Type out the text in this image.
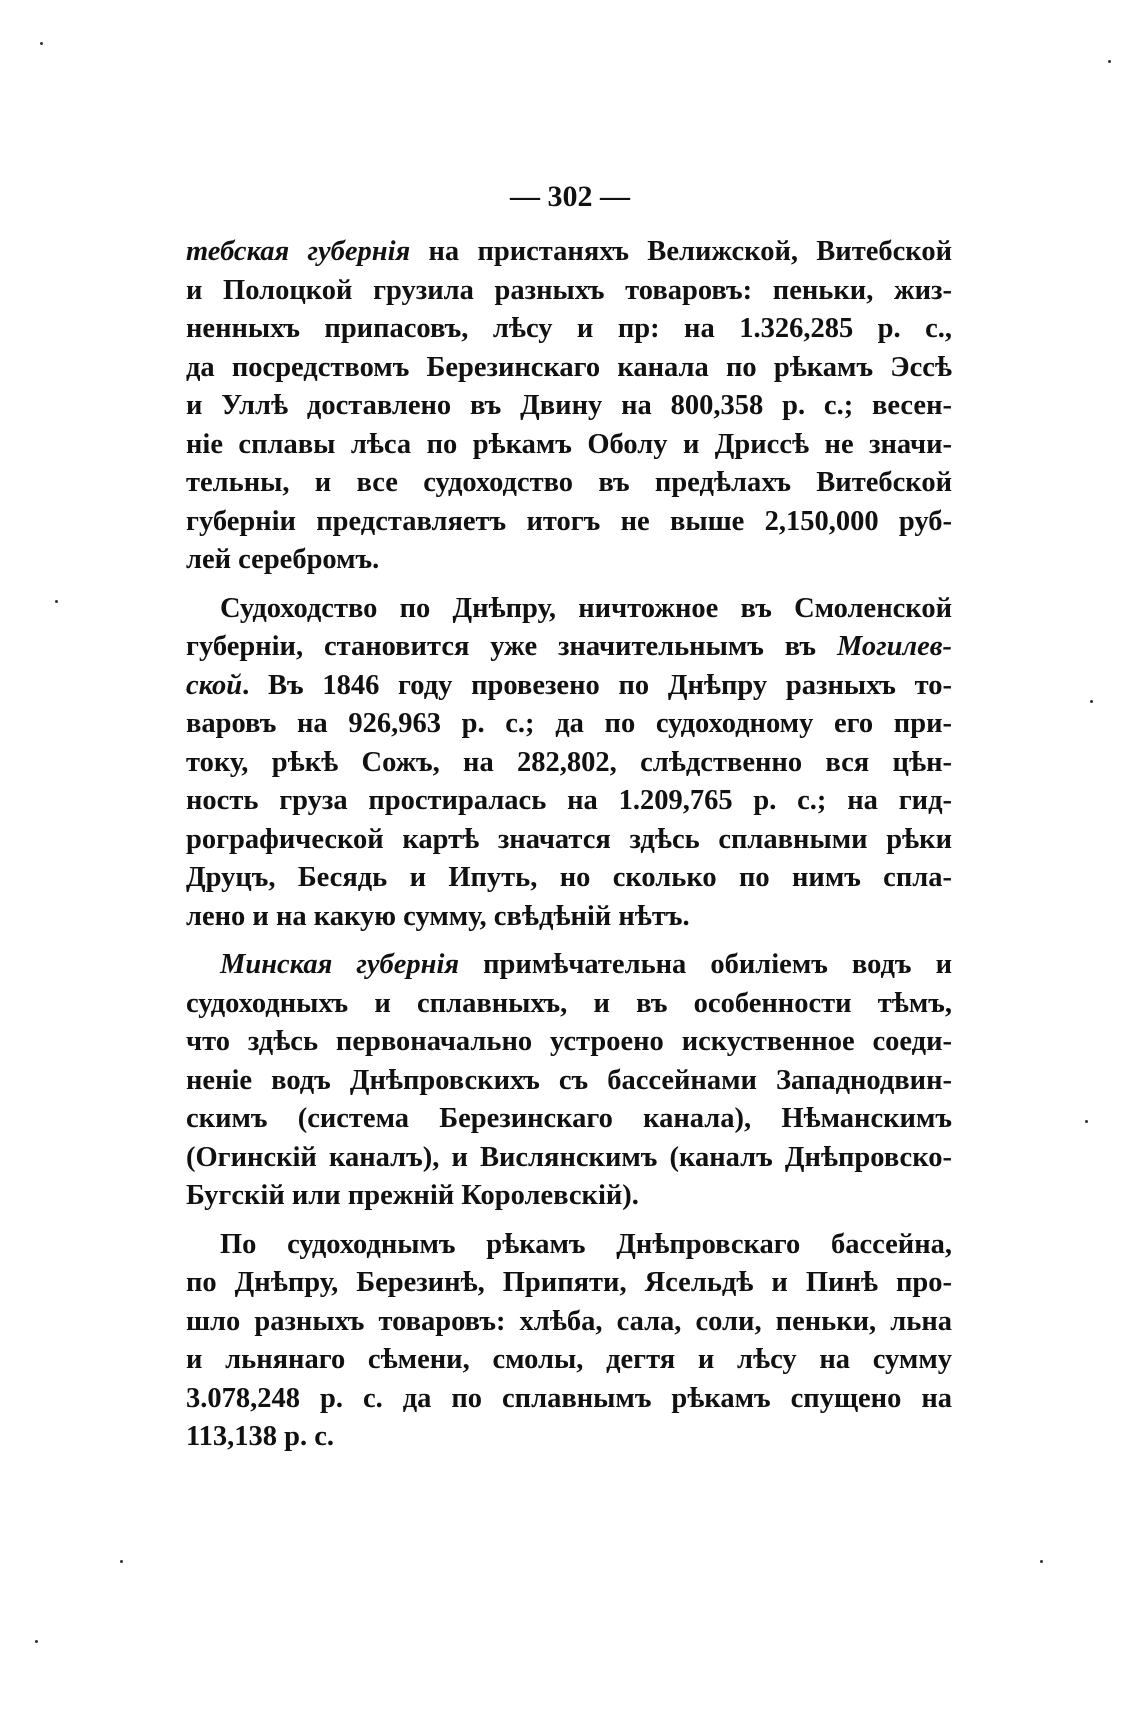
— 302 —
тебская губернія на пристаняхъ Велижской, Витебской
и Полоцкой грузила разныхъ товаровъ: пеньки, жиз-
ненныхъ припасовъ, лѣсу и пр: на 1.326,285 р. с.,
да посредствомъ Березинскаго канала по рѣкамъ Эссѣ
и Уллѣ доставлено въ Двину на 800,358 р. с.; весен-
ніе сплавы лѣса по рѣкамъ Оболу и Дриссѣ не значи-
тельны, и все судоходство въ предѣлахъ Витебской
губерніи представляетъ итогъ не выше 2,150,000 руб-
лей серебромъ.
Судоходство по Днѣпру, ничтожное въ Смоленской
губерніи, становится уже значительнымъ въ Могилев-
ской. Въ 1846 году провезено по Днѣпру разныхъ то-
варовъ на 926,963 р. с.; да по судоходному его при-
току, рѣкѣ Сожъ, на 282,802, слѣдственно вся цѣн-
ность груза простиралась на 1.209,765 р. с.; на гид-
рографической картѣ значатся здѣсь сплавными рѣки
Друцъ, Бесядь и Ипуть, но сколько по нимъ спла-
лено и на какую сумму, свѣдѣній нѣтъ.
Минская губернія примѣчательна обиліемъ водъ и
судоходныхъ и сплавныхъ, и въ особенности тѣмъ,
что здѣсь первоначально устроено искуственное соеди-
неніе водъ Днѣпровскихъ съ бассейнами Западнодвин-
скимъ (система Березинскаго канала), Нѣманскимъ
(Огинскій каналъ), и Вислянскимъ (каналъ Днѣпровско-
Бугскій или прежній Королевскій).
По судоходнымъ рѣкамъ Днѣпровскаго бассейна,
по Днѣпру, Березинѣ, Припяти, Ясельдѣ и Пинѣ про-
шло разныхъ товаровъ: хлѣба, сала, соли, пеньки, льна
и льнянаго сѣмени, смолы, дегтя и лѣсу на сумму
3.078,248 р. с. да по сплавнымъ рѣкамъ спущено на
113,138 р. с.
